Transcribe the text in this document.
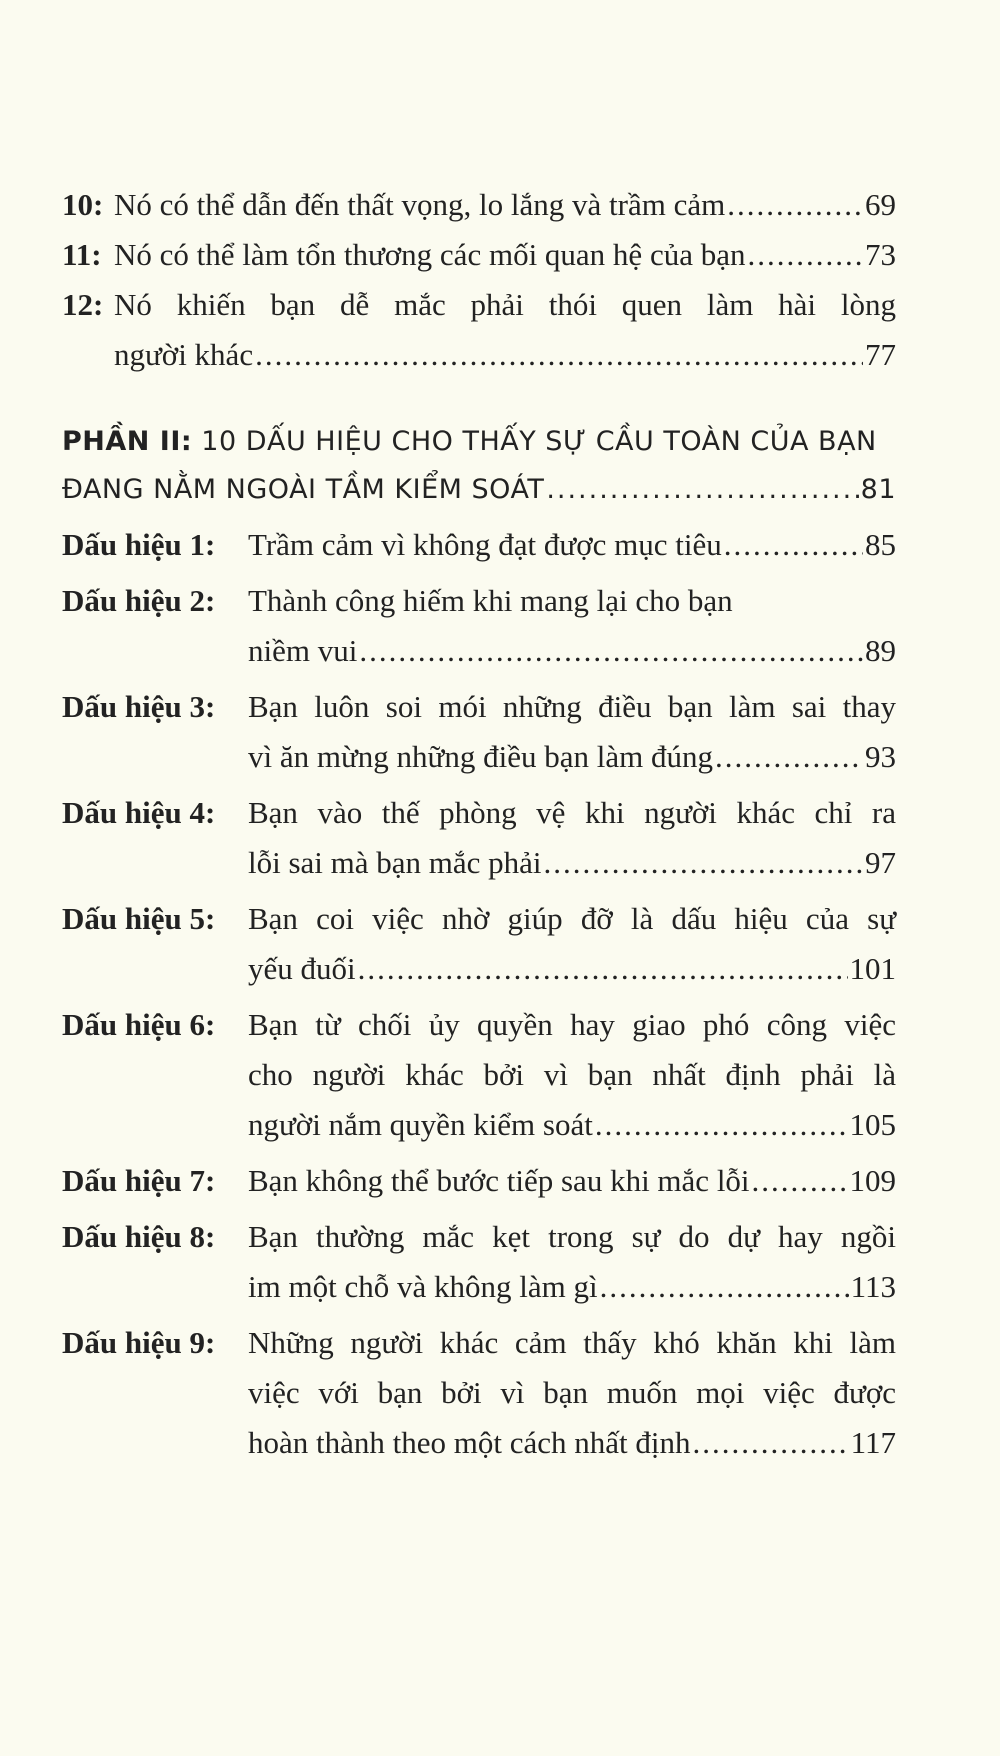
10: Nó có thể dẫn đến thất vọng, lo lắng và trầm cảm .....	69
11: Nó có thể làm tổn thương các mối quan hệ của bạn .....	73
12: Nó khiến bạn dễ mắc phải thói quen làm hài lòng
người khác .....	77
PHẦN II: 10 DẤU HIỆU CHO THẤY SỰ CẦU TOÀN CỦA BẠN
ĐANG NẰM NGOÀI TẦM KIỂM SOÁT .....	81
Dấu hiệu 1:	Trầm cảm vì không đạt được mục tiêu .....	85
Dấu hiệu 2:	Thành công hiếm khi mang lại cho bạn
niềm vui .....	89
Dấu hiệu 3:	Bạn luôn soi mói những điều bạn làm sai thay
vì ăn mừng những điều bạn làm đúng .....	93
Dấu hiệu 4:	Bạn vào thế phòng vệ khi người khác chỉ ra
lỗi sai mà bạn mắc phải .....	97
Dấu hiệu 5:	Bạn coi việc nhờ giúp đỡ là dấu hiệu của sự
yếu đuối .....	101
Dấu hiệu 6:	Bạn từ chối ủy quyền hay giao phó công việc
cho người khác bởi vì bạn nhất định phải là
người nắm quyền kiểm soát .....	105
Dấu hiệu 7:	Bạn không thể bước tiếp sau khi mắc lỗi .....	109
Dấu hiệu 8:	Bạn thường mắc kẹt trong sự do dự hay ngồi
im một chỗ và không làm gì .....	113
Dấu hiệu 9:	Những người khác cảm thấy khó khăn khi làm
việc với bạn bởi vì bạn muốn mọi việc được
hoàn thành theo một cách nhất định .....	117
